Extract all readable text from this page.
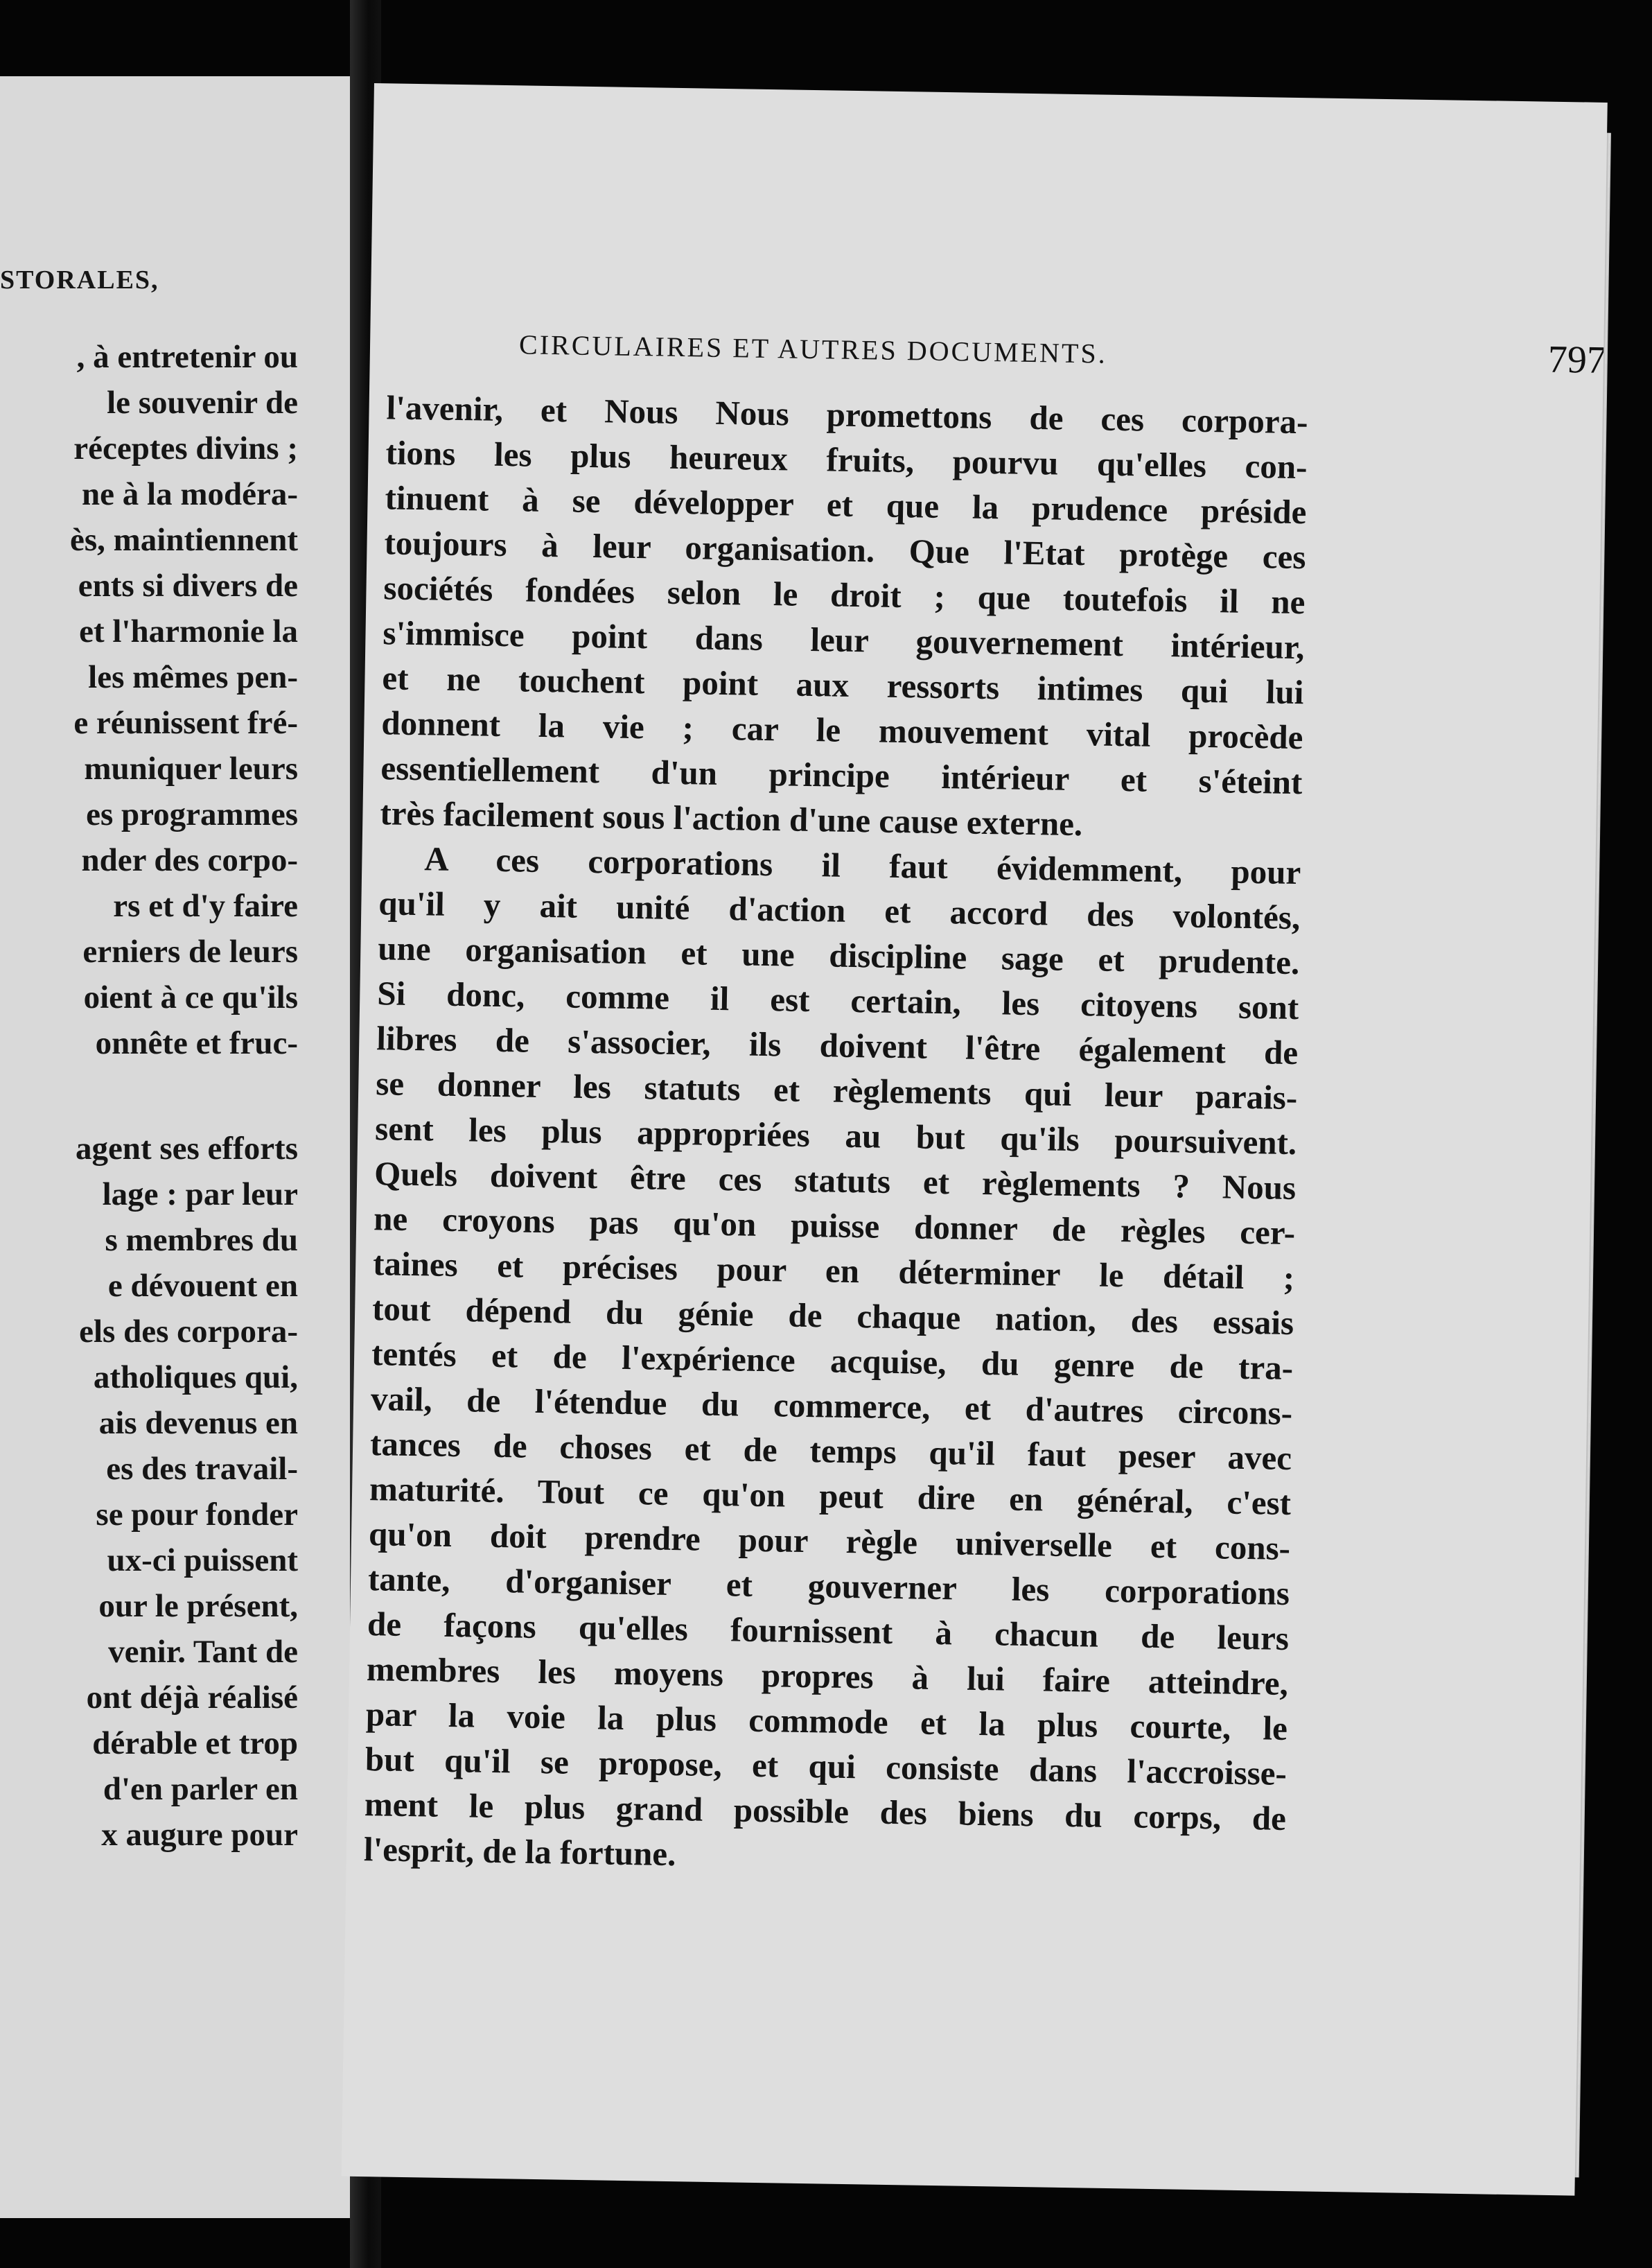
STORALES,
, à entretenir ou
le souvenir de
réceptes divins ;
ne à la modéra-
ès, maintiennent
ents si divers de
et l'harmonie la
les mêmes pen-
e réunissent fré-
muniquer leurs
es programmes
nder des corpo-
rs et d'y faire
erniers de leurs
oient à ce qu'ils
onnête et fruc-
agent ses efforts
lage : par leur
s membres du
e dévouent en
els des corpora-
atholiques qui,
ais devenus en
es des travail-
se pour fonder
ux-ci puissent
our le présent,
venir. Tant de
ont déjà réalisé
dérable et trop
d'en parler en
x augure pour
CIRCULAIRES ET AUTRES DOCUMENTS.	797
l'avenir, et Nous Nous promettons de ces corpora-
tions les plus heureux fruits, pourvu qu'elles con-
tinuent à se développer et que la prudence préside
toujours à leur organisation. Que l'Etat protège ces
sociétés fondées selon le droit ; que toutefois il ne
s'immisce point dans leur gouvernement intérieur,
et ne touchent point aux ressorts intimes qui lui
donnent la vie ; car le mouvement vital procède
essentiellement d'un principe intérieur et s'éteint
très facilement sous l'action d'une cause externe.
A ces corporations il faut évidemment, pour
qu'il y ait unité d'action et accord des volontés,
une organisation et une discipline sage et prudente.
Si donc, comme il est certain, les citoyens sont
libres de s'associer, ils doivent l'être également de
se donner les statuts et règlements qui leur parais-
sent les plus appropriées au but qu'ils poursuivent.
Quels doivent être ces statuts et règlements ? Nous
ne croyons pas qu'on puisse donner de règles cer-
taines et précises pour en déterminer le détail ;
tout dépend du génie de chaque nation, des essais
tentés et de l'expérience acquise, du genre de tra-
vail, de l'étendue du commerce, et d'autres circons-
tances de choses et de temps qu'il faut peser avec
maturité. Tout ce qu'on peut dire en général, c'est
qu'on doit prendre pour règle universelle et cons-
tante, d'organiser et gouverner les corporations
de façons qu'elles fournissent à chacun de leurs
membres les moyens propres à lui faire atteindre,
par la voie la plus commode et la plus courte, le
but qu'il se propose, et qui consiste dans l'accroisse-
ment le plus grand possible des biens du corps, de
l'esprit, de la fortune.
